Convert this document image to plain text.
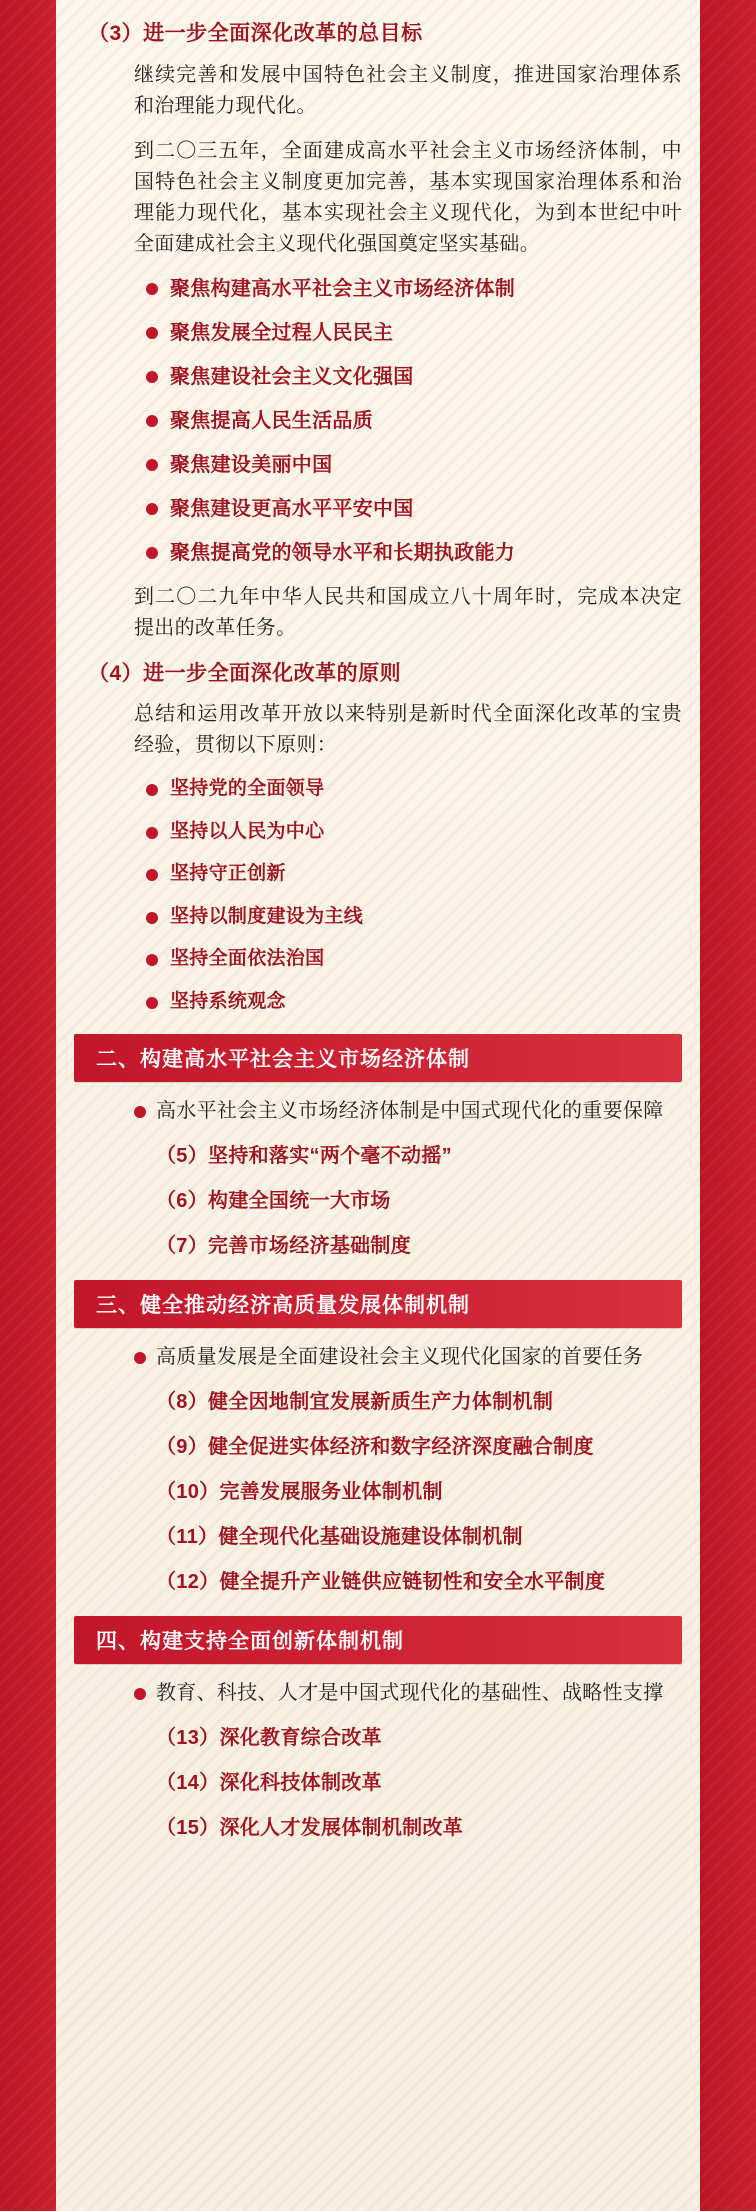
（3）进一步全面深化改革的总目标

继续完善和发展中国特色社会主义制度，推进国家治理体系和治理能力现代化。

到二〇三五年，全面建成高水平社会主义市场经济体制，中国特色社会主义制度更加完善，基本实现国家治理体系和治理能力现代化，基本实现社会主义现代化，为到本世纪中叶全面建成社会主义现代化强国奠定坚实基础。

聚焦构建高水平社会主义市场经济体制
聚焦发展全过程人民民主
聚焦建设社会主义文化强国
聚焦提高人民生活品质
聚焦建设美丽中国
聚焦建设更高水平平安中国
聚焦提高党的领导水平和长期执政能力

到二〇二九年中华人民共和国成立八十周年时，完成本决定提出的改革任务。

（4）进一步全面深化改革的原则

总结和运用改革开放以来特别是新时代全面深化改革的宝贵经验，贯彻以下原则：

坚持党的全面领导
坚持以人民为中心
坚持守正创新
坚持以制度建设为主线
坚持全面依法治国
坚持系统观念
二、构建高水平社会主义市场经济体制
高水平社会主义市场经济体制是中国式现代化的重要保障
（5）坚持和落实“两个毫不动摇”
（6）构建全国统一大市场
（7）完善市场经济基础制度
三、健全推动经济高质量发展体制机制
高质量发展是全面建设社会主义现代化国家的首要任务
（8）健全因地制宜发展新质生产力体制机制
（9）健全促进实体经济和数字经济深度融合制度
（10）完善发展服务业体制机制
（11）健全现代化基础设施建设体制机制
（12）健全提升产业链供应链韧性和安全水平制度
四、构建支持全面创新体制机制
教育、科技、人才是中国式现代化的基础性、战略性支撑
（13）深化教育综合改革
（14）深化科技体制改革
（15）深化人才发展体制机制改革
